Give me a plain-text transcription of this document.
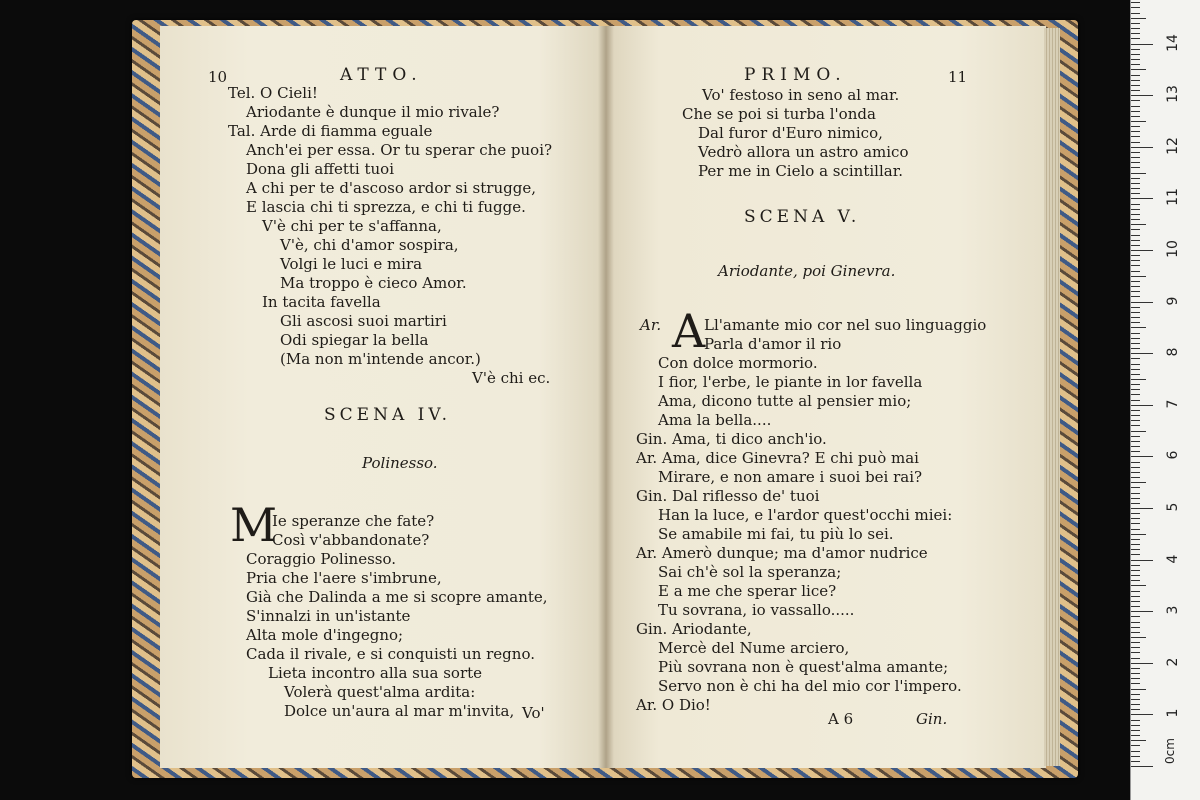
10	ATTO.
Tel. O Cieli!
Ariodante è dunque il mio rivale?
Tal. Arde di fiamma eguale
Anch'ei per essa. Or tu sperar che puoi?
Dona gli affetti tuoi
A chi per te d'ascoso ardor si strugge,
E lascia chi ti sprezza, e chi ti fugge.
V'è chi per te s'affanna,
V'è, chi d'amor sospira,
Volgi le luci e mira
Ma troppo è cieco Amor.
In tacita favella
Gli ascosi suoi martiri
Odi spiegar la bella
(Ma non m'intende ancor.)
V'è chi ec.
SCENA IV.
Polinesso.
M
Ie speranze che fate?
Così v'abbandonate?
Coraggio Polinesso.
Pria che l'aere s'imbrune,
Già che Dalinda a me si scopre amante,
S'innalzi in un'istante
Alta mole d'ingegno;
Cada il rivale, e si conquisti un regno.
Lieta incontro alla sua sorte
Volerà quest'alma ardita:
Dolce un'aura al mar m'invita, Vo'
PRIMO.	11
Vo' festoso in seno al mar.
Che se poi si turba l'onda
Dal furor d'Euro nimico,
Vedrò allora un astro amico
Per me in Cielo a scintillar.
SCENA V.
Ariodante, poi Ginevra.
Ar. A
Ll'amante mio cor nel suo linguaggio
Parla d'amor il rio
Con dolce mormorio.
I fior, l'erbe, le piante in lor favella
Ama, dicono tutte al pensier mio;
Ama la bella....
Gin. Ama, ti dico anch'io.
Ar. Ama, dice Ginevra? E chi può mai
Mirare, e non amare i suoi bei rai?
Gin. Dal riflesso de' tuoi
Han la luce, e l'ardor quest'occhi miei:
Se amabile mi fai, tu più lo sei.
Ar. Amerò dunque; ma d'amor nudrice
Sai ch'è sol la speranza;
E a me che sperar lice?
Tu sovrana, io vassallo.....
Gin. Ariodante,
Mercè del Nume arciero,
Più sovrana non è quest'alma amante;
Servo non è chi ha del mio cor l'impero.
Ar. O Dio!
A 6	Gin.
0cm
1
2
3
4
5
6
7
8
9
10
11
12
13
14
